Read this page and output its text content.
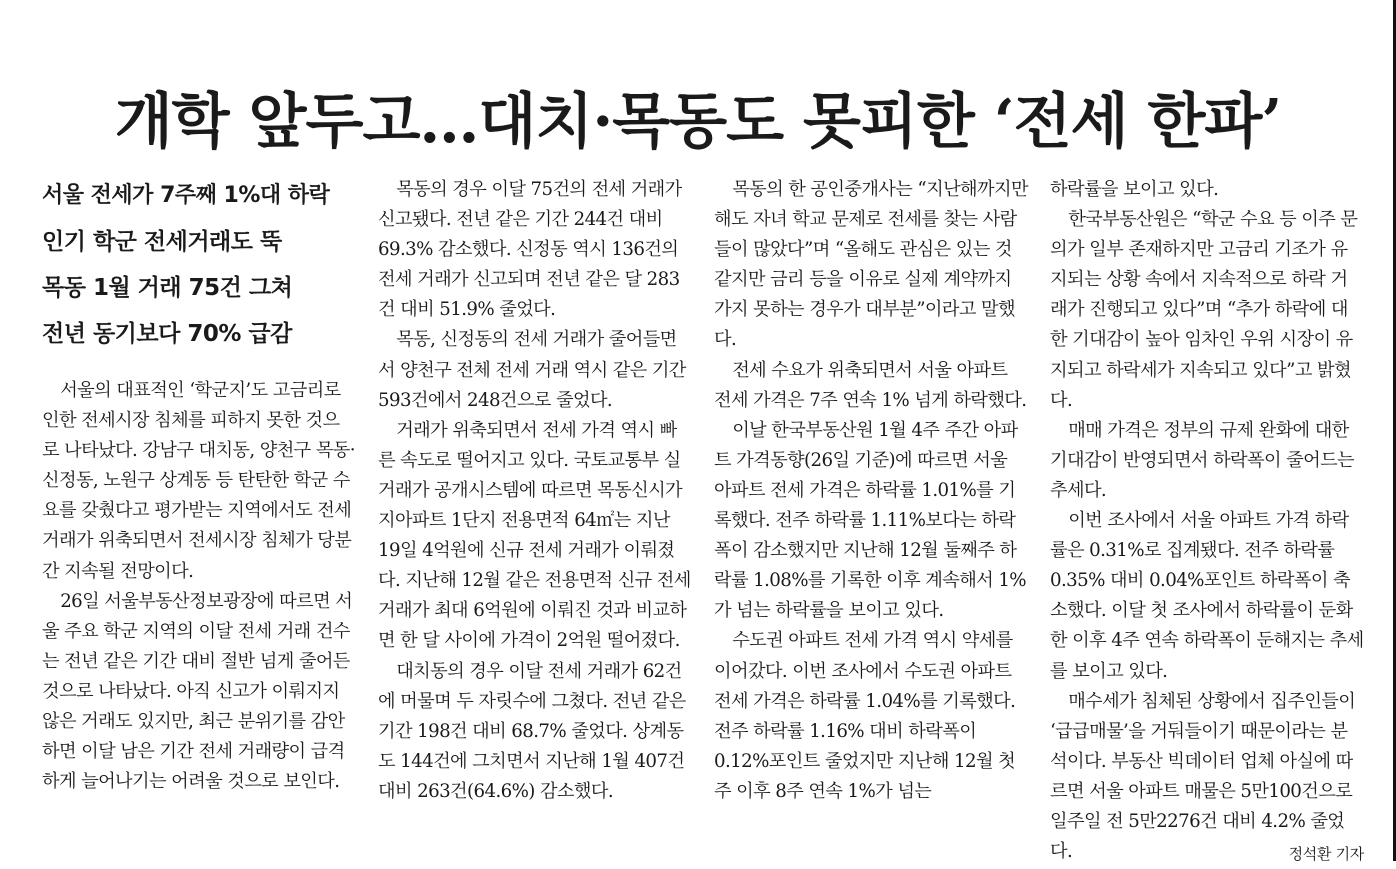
개학 앞두고…대치·목동도 못피한 ‘전세 한파’
서울 전세가 7주째 1%대 하락
인기 학군 전세거래도 뚝
목동 1월 거래 75건 그쳐
전년 동기보다 70% 급감

서울의 대표적인 ‘학군지’도 고금리로 인한 전세시장 침체를 피하지 못한 것으로 나타났다. 강남구 대치동, 양천구 목동·신정동, 노원구 상계동 등 탄탄한 학군 수요를 갖췄다고 평가받는 지역에서도 전세 거래가 위축되면서 전세시장 침체가 당분간 지속될 전망이다.

26일 서울부동산정보광장에 따르면 서울 주요 학군 지역의 이달 전세 거래 건수는 전년 같은 기간 대비 절반 넘게 줄어든 것으로 나타났다. 아직 신고가 이뤄지지 않은 거래도 있지만, 최근 분위기를 감안하면 이달 남은 기간 전세 거래량이 급격하게 늘어나기는 어려울 것으로 보인다.

목동의 경우 이달 75건의 전세 거래가 신고됐다. 전년 같은 기간 244건 대비 69.3% 감소했다. 신정동 역시 136건의 전세 거래가 신고되며 전년 같은 달 283건 대비 51.9% 줄었다.

목동, 신정동의 전세 거래가 줄어들면서 양천구 전체 전세 거래 역시 같은 기간 593건에서 248건으로 줄었다.

거래가 위축되면서 전세 가격 역시 빠른 속도로 떨어지고 있다. 국토교통부 실거래가 공개시스템에 따르면 목동신시가지아파트 1단지 전용면적 64㎡는 지난 19일 4억원에 신규 전세 거래가 이뤄졌다. 지난해 12월 같은 전용면적 신규 전세 거래가 최대 6억원에 이뤄진 것과 비교하면 한 달 사이에 가격이 2억원 떨어졌다.

대치동의 경우 이달 전세 거래가 62건에 머물며 두 자릿수에 그쳤다. 전년 같은 기간 198건 대비 68.7% 줄었다. 상계동도 144건에 그치면서 지난해 1월 407건 대비 263건(64.6%) 감소했다.

목동의 한 공인중개사는 “지난해까지만 해도 자녀 학교 문제로 전세를 찾는 사람들이 많았다”며 “올해도 관심은 있는 것 같지만 금리 등을 이유로 실제 계약까지 가지 못하는 경우가 대부분”이라고 말했다.

전세 수요가 위축되면서 서울 아파트 전세 가격은 7주 연속 1% 넘게 하락했다.

이날 한국부동산원 1월 4주 주간 아파트 가격동향(26일 기준)에 따르면 서울 아파트 전세 가격은 하락률 1.01%를 기록했다. 전주 하락률 1.11%보다는 하락폭이 감소했지만 지난해 12월 둘째주 하락률 1.08%를 기록한 이후 계속해서 1%가 넘는 하락률을 보이고 있다.

수도권 아파트 전세 가격 역시 약세를 이어갔다. 이번 조사에서 수도권 아파트 전세 가격은 하락률 1.04%를 기록했다. 전주 하락률 1.16% 대비 하락폭이 0.12%포인트 줄었지만 지난해 12월 첫 주 이후 8주 연속 1%가 넘는

하락률을 보이고 있다.

한국부동산원은 “학군 수요 등 이주 문의가 일부 존재하지만 고금리 기조가 유지되는 상황 속에서 지속적으로 하락 거래가 진행되고 있다”며 “추가 하락에 대한 기대감이 높아 임차인 우위 시장이 유지되고 하락세가 지속되고 있다”고 밝혔다.

매매 가격은 정부의 규제 완화에 대한 기대감이 반영되면서 하락폭이 줄어드는 추세다.

이번 조사에서 서울 아파트 가격 하락률은 0.31%로 집계됐다. 전주 하락률 0.35% 대비 0.04%포인트 하락폭이 축소했다. 이달 첫 조사에서 하락률이 둔화한 이후 4주 연속 하락폭이 둔해지는 추세를 보이고 있다.

매수세가 침체된 상황에서 집주인들이 ‘급급매물’을 거둬들이기 때문이라는 분석이다. 부동산 빅데이터 업체 아실에 따르면 서울 아파트 매물은 5만100건으로 일주일 전 5만2276건 대비 4.2% 줄었다.	정석환 기자
